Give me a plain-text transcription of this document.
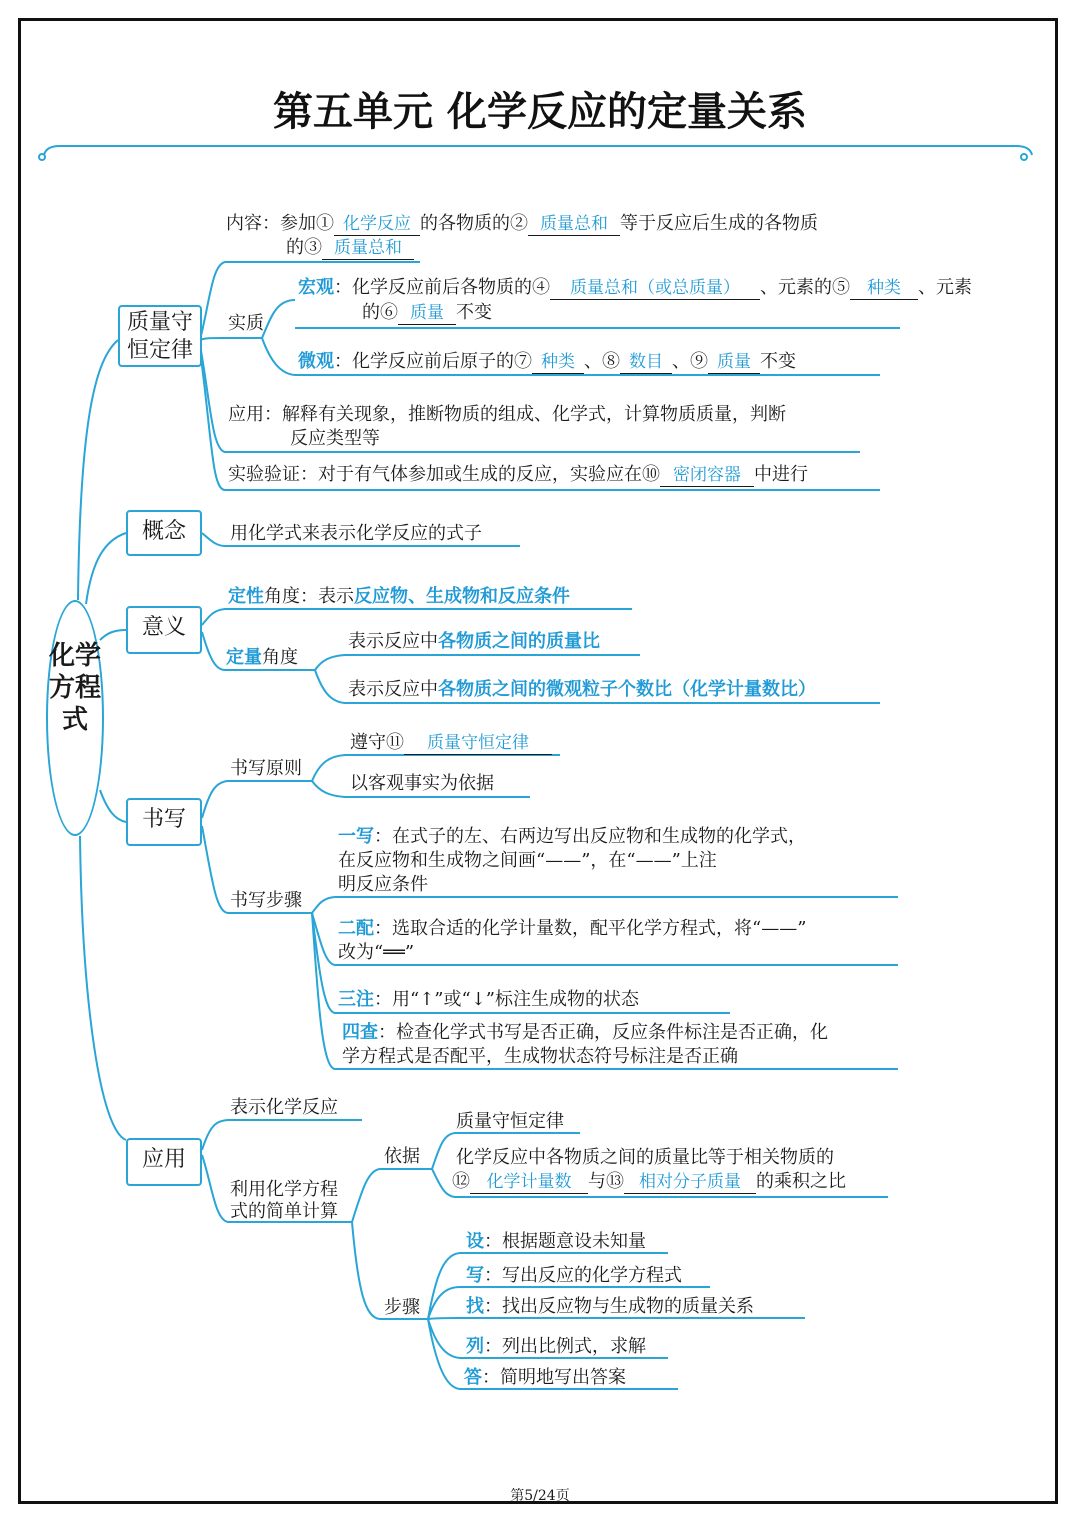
第五单元 化学反应的定量关系
化学方程式
质量守恒定律
内容：参加① 化学反应 的各物质的② 质量总和 等于反应后生成的各物质
的③ 质量总和
实质
宏观：化学反应前后各物质的④ 质量总和（或总质量） 、元素的⑤ 种类 、元素
的⑥ 质量 不变
微观：化学反应前后原子的⑦ 种类 、⑧ 数目 、⑨ 质量 不变
应用：解释有关现象，推断物质的组成、化学式，计算物质质量，判断
反应类型等
实验验证：对于有气体参加或生成的反应，实验应在⑩ 密闭容器 中进行
概念	用化学式来表示化学反应的式子
意义
定性角度：表示反应物、生成物和反应条件
定量角度
表示反应中各物质之间的质量比
表示反应中各物质之间的微观粒子个数比（化学计量数比）
书写
书写原则
遵守⑪ 质量守恒定律
以客观事实为依据
书写步骤
一写：在式子的左、右两边写出反应物和生成物的化学式，
在反应物和生成物之间画“——”，在“——”上注
明反应条件
二配：选取合适的化学计量数，配平化学方程式，将“——”
改为“══”
三注：用“↑”或“↓”标注生成物的状态
四查：检查化学式书写是否正确，反应条件标注是否正确，化
学方程式是否配平，生成物状态符号标注是否正确
应用
表示化学反应
利用化学方程
式的简单计算
依据
质量守恒定律
化学反应中各物质之间的质量比等于相关物质的
⑫ 化学计量数 与⑬ 相对分子质量 的乘积之比
步骤
设：根据题意设未知量
写：写出反应的化学方程式
找：找出反应物与生成物的质量关系
列：列出比例式，求解
答：简明地写出答案
第5/24页
